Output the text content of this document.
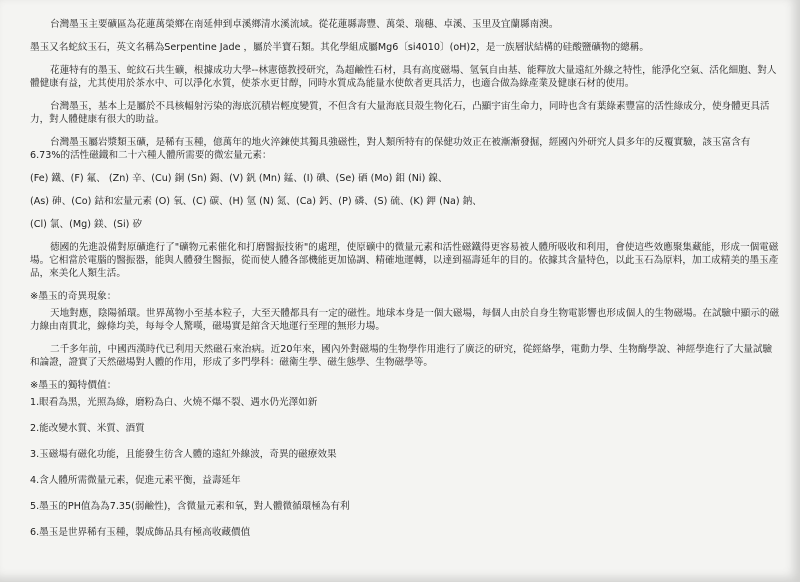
台灣墨玉主要礦區為花蓮萬榮鄉在南延伸到卓溪鄉清水溪流域。從花蓮縣壽豐、萬榮、瑞穗、卓溪、玉里及宜蘭縣南澳。

墨玉又名蛇紋玉石，英文名稱為Serpentine Jade ，屬於半寶石類。其化學組成屬Mg6〔si4010〕(oH)2，是一族層狀結構的硅酸鹽礦物的總稱。

花蓮特有的墨玉、蛇紋石共生礦，根據成功大學--林憲德教授研究，為超鹼性石材，具有高度磁場、氫氧自由基、能釋放大量遠紅外線之特性，能淨化空氣、活化細胞、對人體健康有益，尤其使用於茶水中、可以淨化水質，使茶水更甘醇，同時水質成為能量水使飲者更具活力，也適合做為綠產業及健康石材的使用。

台灣墨玉，基本上是屬於不具核輻射污染的海底沉積岩輕度變質，不但含有大量海底貝殼生物化石，凸顯宇宙生命力，同時也含有葉綠素豐富的活性綠成分，使身體更具活力，對人體健康有很大的助益。

台灣墨玉屬岩漿類玉礦，是稀有玉種，億萬年的地火淬鍊使其獨具強磁性，對人類所特有的保健功效正在被漸漸發掘，經國內外研究人員多年的反覆實驗，該玉富含有6.73%的活性磁鐵和二十六種人體所需要的微宏量元素：

(Fe) 鐵、(F) 氟、 (Zn) 辛、(Cu) 銅 (Sn) 錫、(V) 釩 (Mn) 錳、(I) 碘、(Se) 硒 (Mo) 鉬 (Ni) 鎳、

(As) 砷、(Co) 鈷和宏量元素 (O) 氧、(C) 碳、(H) 氫 (N) 氮、(Ca) 鈣、(P) 磷、(S) 硫、(K) 鉀 (Na) 鈉、

(Cl) 氯、(Mg) 鎂、(Si) 矽

德國的先進設備對原礦進行了"礦物元素催化和打磨醫振技術"的處理，使原礦中的微量元素和活性磁鐵得更容易被人體所吸收和利用，會使這些效應聚集藏能，形成一個電磁場。它相當於電腦的醫振器，能與人體發生醫振，從而使人體各部機能更加協調、精確地運轉，以達到福壽延年的目的。依據其含量特色，以此玉石為原料，加工成精美的墨玉產品，來美化人類生活。

※墨玉的奇異現象：

天地對應，陰陽循環。世界萬物小至基本粒子，大至天體都具有一定的磁性。地球本身是一個大磁場，每個人由於自身生物電影響也形成個人的生物磁場。在試驗中顯示的磁力線由南貫北，線條均美，每每令人驚嘆，磁場實是綰含天地運行至理的無形力場。

二千多年前，中國西漢時代已利用天然磁石來治病。近20年來，國內外對磁場的生物學作用進行了廣泛的研究，從經絡學，電動力學、生物酶學說、神經學進行了大量試驗和論證，證實了天然磁場對人體的作用，形成了多門學科：磁衛生學、磁生態學、生物磁學等。

※墨玉的獨特價值：

1.眼看為黑，光照為綠，磨粉為白、火燒不爆不裂、遇水仍光澤如新

2.能改變水質、米質、酒質

3.玉磁場有磁化功能，且能發生彷含人體的遠紅外線波，奇異的磁療效果

4.含人體所需微量元素，促進元素平衡，益壽延年

5.墨玉的PH值為為7.35(弱鹼性)，含微量元素和氧，對人體微循環極為有利

6.墨玉是世界稀有玉種，製成飾品具有極高收藏價值
